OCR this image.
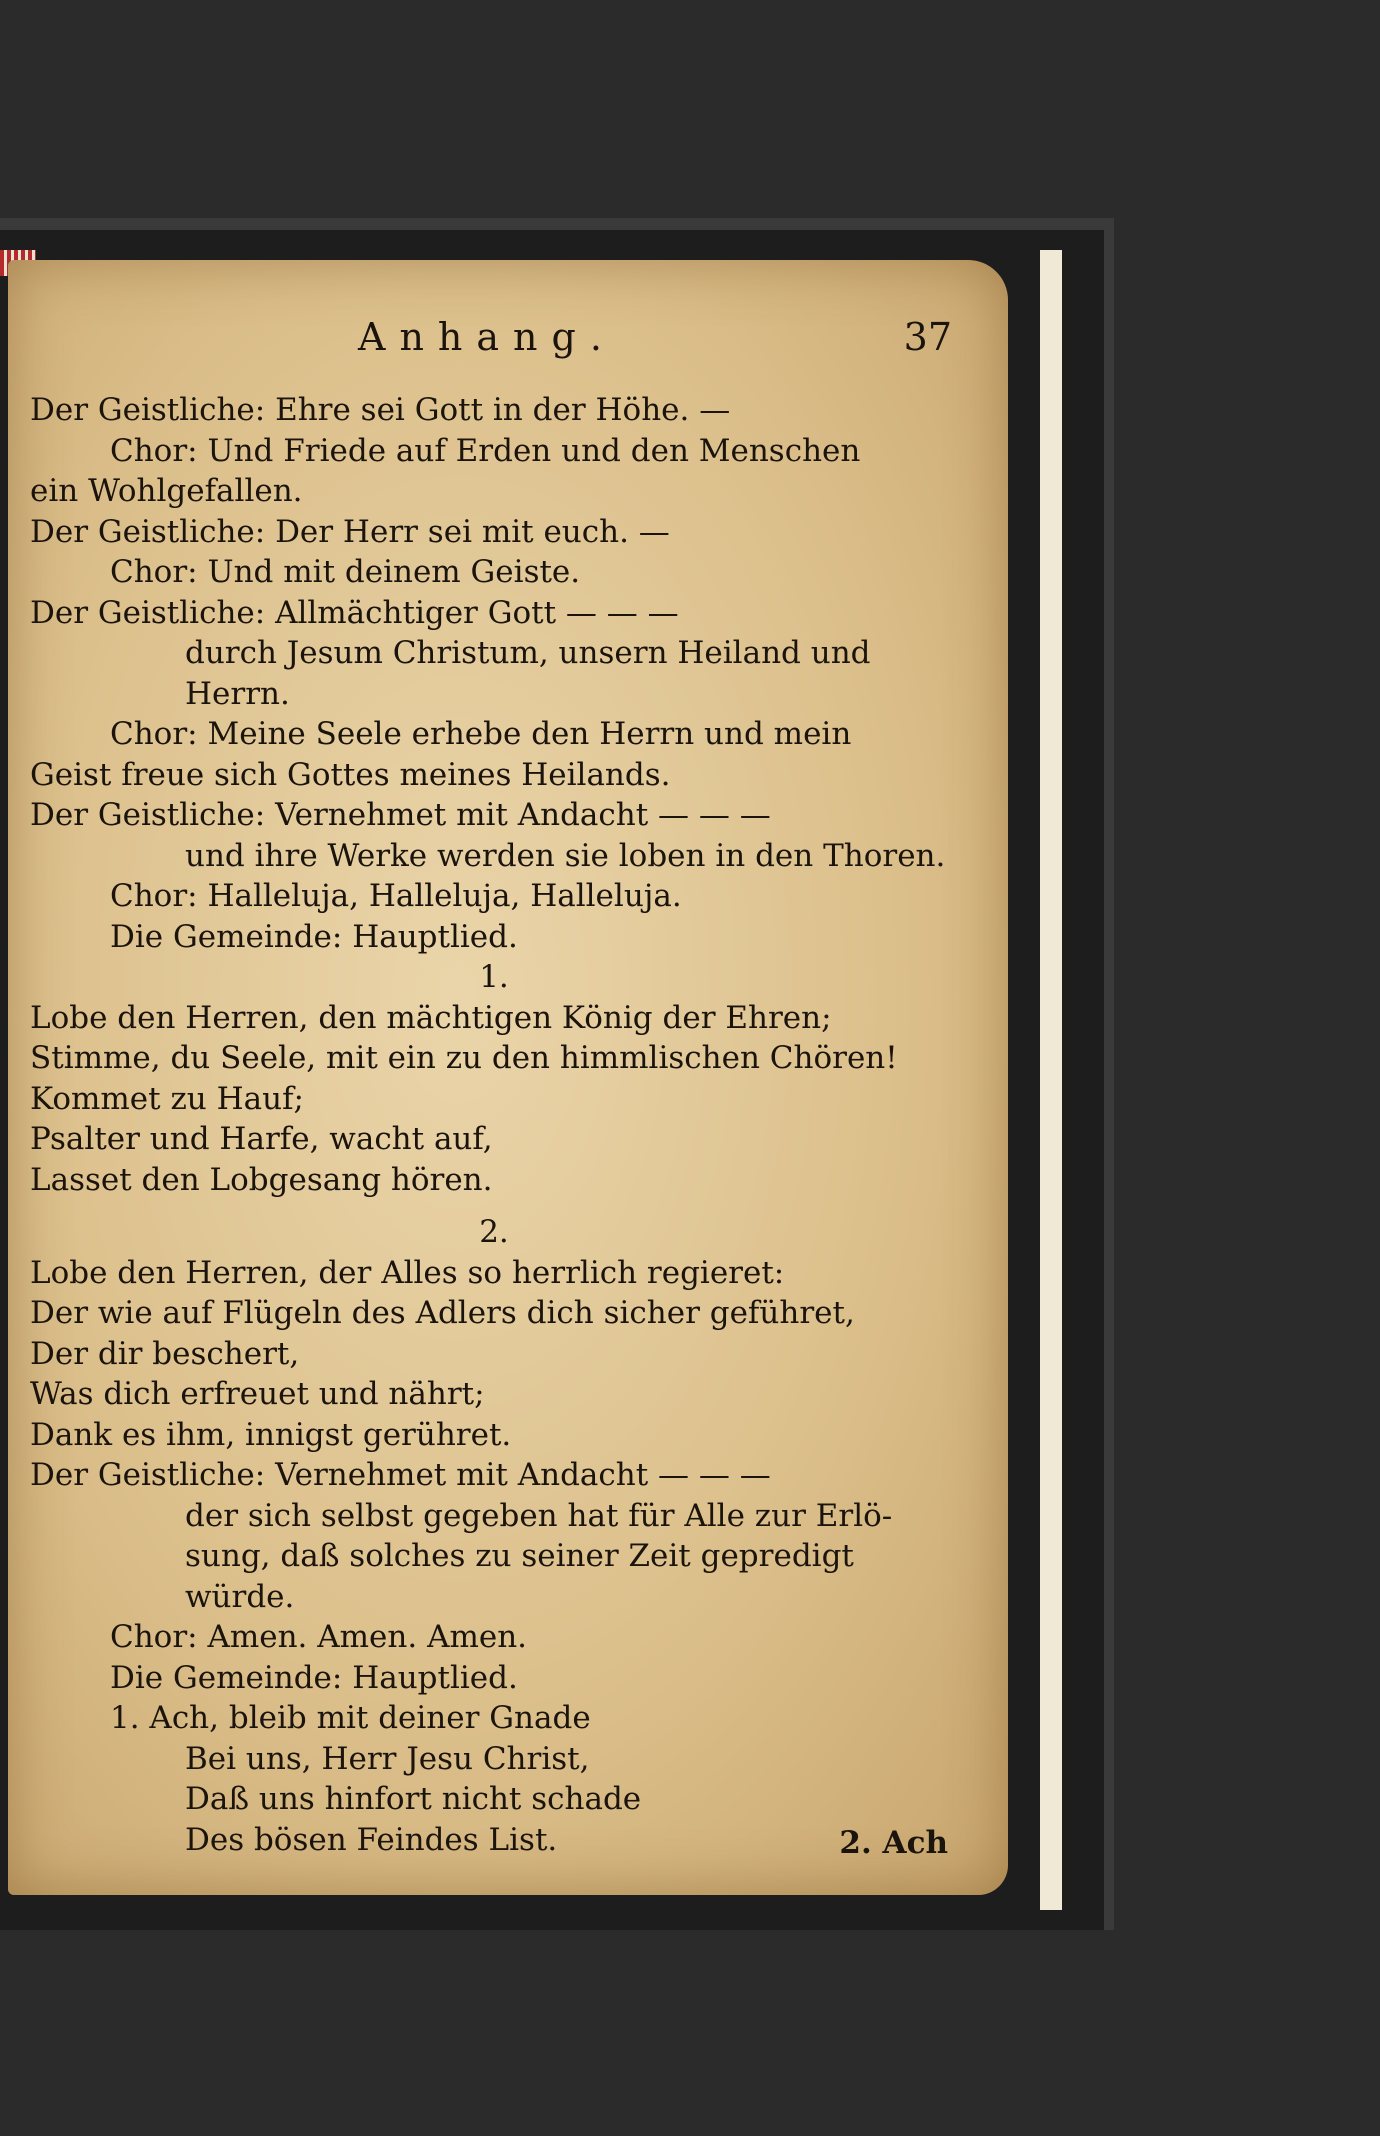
Anhang.	37
Der Geistliche: Ehre sei Gott in der Höhe. —
Chor: Und Friede auf Erden und den Menschen
ein Wohlgefallen.
Der Geistliche: Der Herr sei mit euch. —
Chor: Und mit deinem Geiste.
Der Geistliche: Allmächtiger Gott — — —
durch Jesum Christum, unsern Heiland und
Herrn.
Chor: Meine Seele erhebe den Herrn und mein
Geist freue sich Gottes meines Heilands.
Der Geistliche: Vernehmet mit Andacht — — —
und ihre Werke werden sie loben in den Thoren.
Chor: Halleluja, Halleluja, Halleluja.
Die Gemeinde: Hauptlied.
1.
Lobe den Herren, den mächtigen König der Ehren;
Stimme, du Seele, mit ein zu den himmlischen Chören!
Kommet zu Hauf;
Psalter und Harfe, wacht auf,
Lasset den Lobgesang hören.
2.
Lobe den Herren, der Alles so herrlich regieret:
Der wie auf Flügeln des Adlers dich sicher geführet,
Der dir beschert,
Was dich erfreuet und nährt;
Dank es ihm, innigst gerühret.
Der Geistliche: Vernehmet mit Andacht — — —
der sich selbst gegeben hat für Alle zur Erlö-
sung, daß solches zu seiner Zeit gepredigt
würde.
Chor: Amen. Amen. Amen.
Die Gemeinde: Hauptlied.
1. Ach, bleib mit deiner Gnade
Bei uns, Herr Jesu Christ,
Daß uns hinfort nicht schade
Des bösen Feindes List.	2. Ach
